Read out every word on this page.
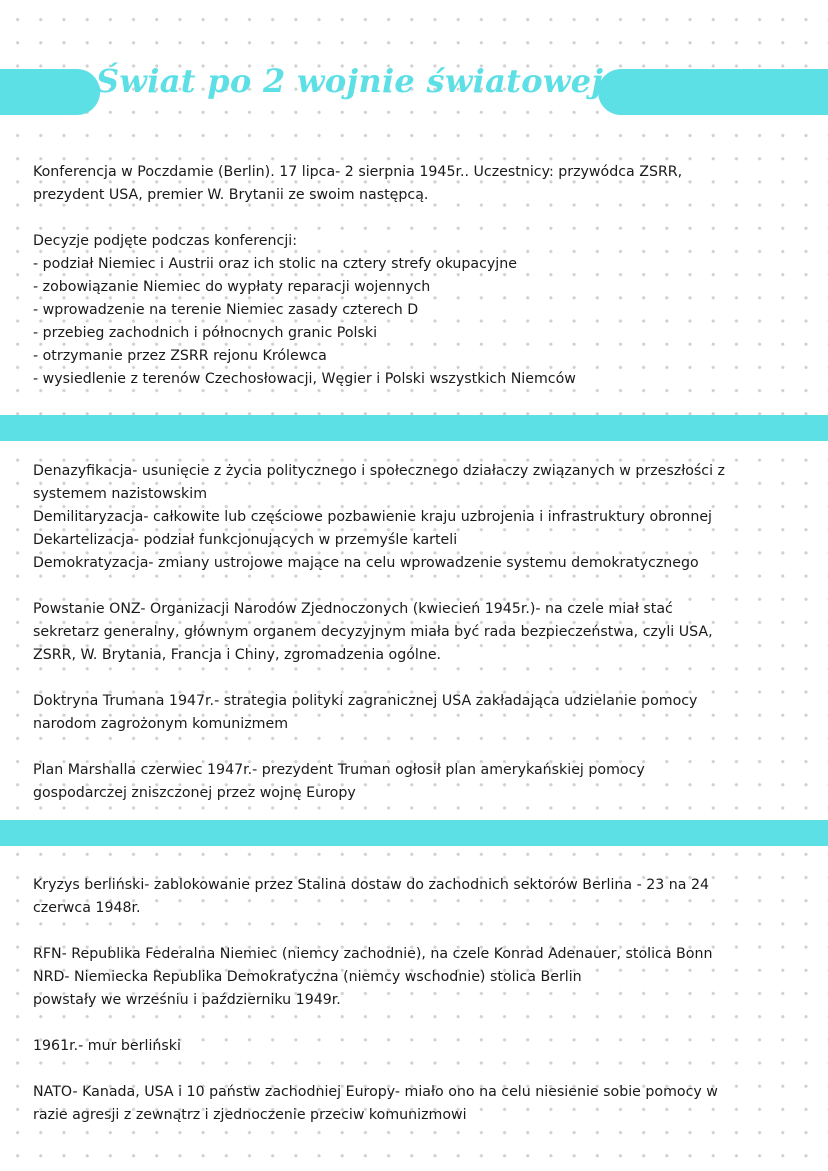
Świat po 2 wojnie światowej
Konferencja w Poczdamie (Berlin). 17 lipca- 2 sierpnia 1945r.. Uczestnicy: przywódca ZSRR,
prezydent USA, premier W. Brytanii ze swoim następcą.
Decyzje podjęte podczas konferencji:
- podział Niemiec i Austrii oraz ich stolic na cztery strefy okupacyjne
- zobowiązanie Niemiec do wypłaty reparacji wojennych
- wprowadzenie na terenie Niemiec zasady czterech D
- przebieg zachodnich i północnych granic Polski
- otrzymanie przez ZSRR rejonu Królewca
- wysiedlenie z terenów Czechosłowacji, Węgier i Polski wszystkich Niemców
Denazyfikacja- usunięcie z życia politycznego i społecznego działaczy związanych w przeszłości z
systemem nazistowskim
Demilitaryzacja- całkowite lub częściowe pozbawienie kraju uzbrojenia i infrastruktury obronnej
Dekartelizacja- podział funkcjonujących w przemyśle karteli
Demokratyzacja- zmiany ustrojowe mające na celu wprowadzenie systemu demokratycznego
Powstanie ONZ- Organizacji Narodów Zjednoczonych (kwiecień 1945r.)- na czele miał stać
sekretarz generalny, głównym organem decyzyjnym miała być rada bezpieczeństwa, czyli USA,
ZSRR, W. Brytania, Francja i Chiny, zgromadzenia ogólne.
Doktryna Trumana 1947r.- strategia polityki zagranicznej USA zakładająca udzielanie pomocy
narodom zagrożonym komunizmem
Plan Marshalla czerwiec 1947r.- prezydent Truman ogłosił plan amerykańskiej pomocy
gospodarczej zniszczonej przez wojnę Europy
Kryzys berliński- zablokowanie przez Stalina dostaw do zachodnich sektorów Berlina - 23 na 24
czerwca 1948r.
RFN- Republika Federalna Niemiec (niemcy zachodnie), na czele Konrad Adenauer, stolica Bonn
NRD- Niemiecka Republika Demokratyczna (niemcy wschodnie) stolica Berlin
powstały we wrześniu i październiku 1949r.
1961r.- mur berliński
NATO- Kanada, USA i 10 państw zachodniej Europy- miało ono na celu niesienie sobie pomocy w
razie agresji z zewnątrz i zjednoczenie przeciw komunizmowi
